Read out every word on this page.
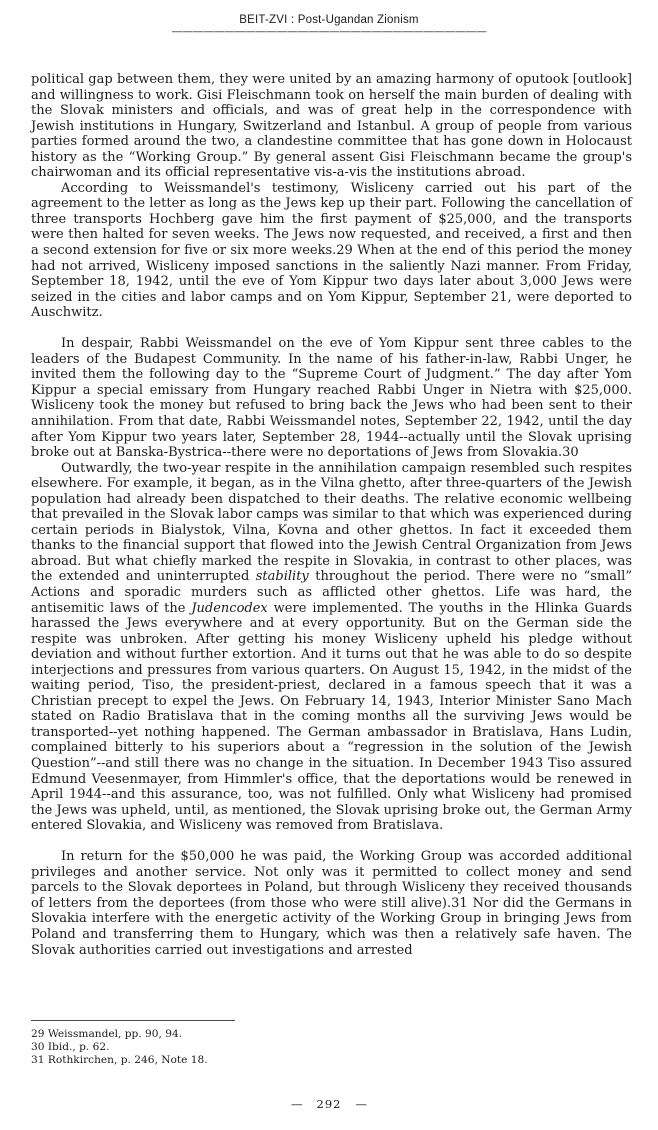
BEIT-ZVI : Post-Ugandan Zionism
——————————————————————————————

political gap between them, they were united by an amazing harmony of oputook [outlook] and willingness to work. Gisi Fleischmann took on herself the main burden of dealing with the Slovak ministers and officials, and was of great help in the correspondence with Jewish institutions in Hungary, Switzerland and Istanbul. A group of people from various parties formed around the two, a clandestine committee that has gone down in Holocaust history as the “Working Group.” By general assent Gisi Fleischmann became the group's chairwoman and its official representative vis-a-vis the institutions abroad.

According to Weissmandel's testimony, Wisliceny carried out his part of the agreement to the letter as long as the Jews kep up their part. Following the cancellation of three transports Hochberg gave him the first payment of $25,000, and the transports were then halted for seven weeks. The Jews now requested, and received, a first and then a second extension for five or six more weeks.29 When at the end of this period the money had not arrived, Wisliceny imposed sanctions in the saliently Nazi manner. From Friday, September 18, 1942, until the eve of Yom Kippur two days later about 3,000 Jews were seized in the cities and labor camps and on Yom Kippur, September 21, were deported to Auschwitz.

In despair, Rabbi Weissmandel on the eve of Yom Kippur sent three cables to the leaders of the Budapest Community. In the name of his father-in-law, Rabbi Unger, he invited them the following day to the “Supreme Court of Judgment.” The day after Yom Kippur a special emissary from Hungary reached Rabbi Unger in Nietra with $25,000. Wisliceny took the money but refused to bring back the Jews who had been sent to their annihilation. From that date, Rabbi Weissmandel notes, September 22, 1942, until the day after Yom Kippur two years later, September 28, 1944--actually until the Slovak uprising broke out at Banska-Bystrica--there were no deportations of Jews from Slovakia.30

Outwardly, the two-year respite in the annihilation campaign resembled such respites elsewhere. For example, it began, as in the Vilna ghetto, after three-quarters of the Jewish population had already been dispatched to their deaths. The relative economic wellbeing that prevailed in the Slovak labor camps was similar to that which was experienced during certain periods in Bialystok, Vilna, Kovna and other ghettos. In fact it exceeded them thanks to the financial support that flowed into the Jewish Central Organization from Jews abroad. But what chiefly marked the respite in Slovakia, in contrast to other places, was the extended and uninterrupted stability throughout the period. There were no “small” Actions and sporadic murders such as afflicted other ghettos. Life was hard, the antisemitic laws of the Judencodex were implemented. The youths in the Hlinka Guards harassed the Jews everywhere and at every opportunity. But on the German side the respite was unbroken. After getting his money Wisliceny upheld his pledge without deviation and without further extortion. And it turns out that he was able to do so despite interjections and pressures from various quarters. On August 15, 1942, in the midst of the waiting period, Tiso, the president-priest, declared in a famous speech that it was a Christian precept to expel the Jews. On February 14, 1943, Interior Minister Sano Mach stated on Radio Bratislava that in the coming months all the surviving Jews would be transported--yet nothing happened. The German ambassador in Bratislava, Hans Ludin, complained bitterly to his superiors about a “regression in the solution of the Jewish Question”--and still there was no change in the situation. In December 1943 Tiso assured Edmund Veesenmayer, from Himmler's office, that the deportations would be renewed in April 1944--and this assurance, too, was not fulfilled. Only what Wisliceny had promised the Jews was upheld, until, as mentioned, the Slovak uprising broke out, the German Army entered Slovakia, and Wisliceny was removed from Bratislava.

In return for the $50,000 he was paid, the Working Group was accorded additional privileges and another service. Not only was it permitted to collect money and send parcels to the Slovak deportees in Poland, but through Wisliceny they received thousands of letters from the deportees (from those who were still alive).31 Nor did the Germans in Slovakia interfere with the energetic activity of the Working Group in bringing Jews from Poland and transferring them to Hungary, which was then a relatively safe haven. The Slovak authorities carried out investigations and arrested

29 Weissmandel, pp. 90, 94.
30 Ibid., p. 62.
31 Rothkirchen, p. 246, Note 18.
— 292 —
